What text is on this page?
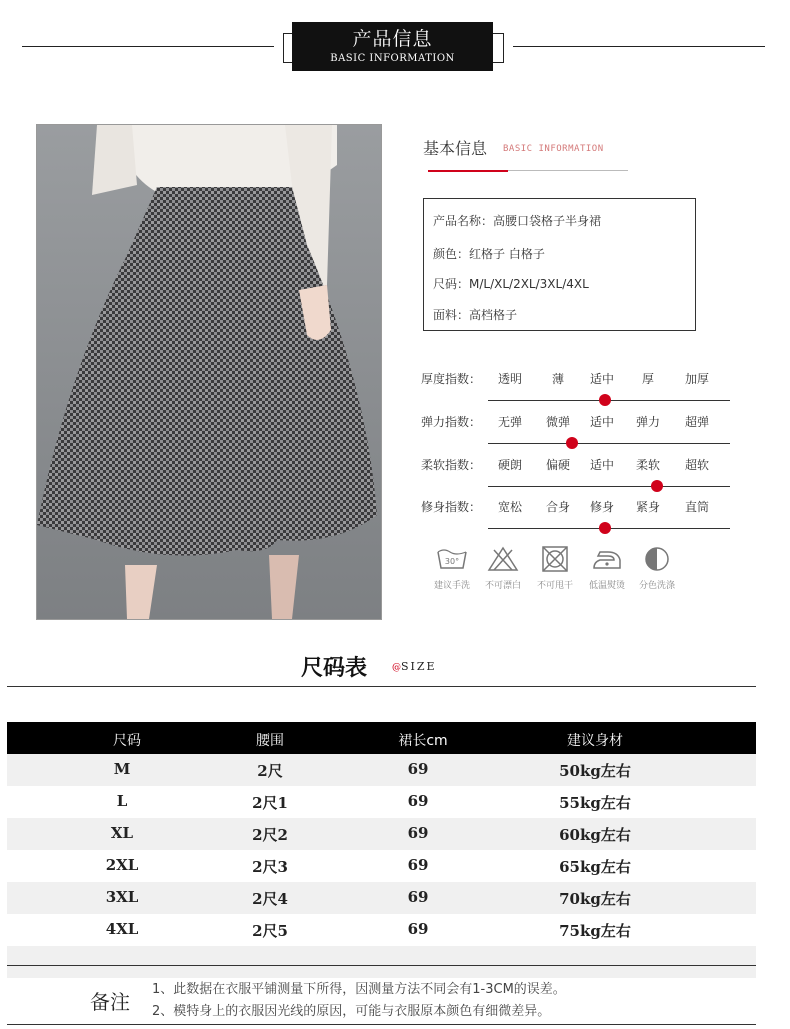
产品信息
BASIC INFORMATION
基本信息 BASIC INFORMATION
产品名称：高腰口袋格子半身裙
颜色：红格子 白格子
尺码：M/L/XL/2XL/3XL/4XL
面料：高档格子
厚度指数：	透明	薄	适中	厚	加厚
弹力指数：	无弹	微弹	适中	弹力	超弹
柔软指数：	硬朗	偏硬	适中	柔软	超软
修身指数：	宽松	合身	修身	紧身	直筒
30°
建议手洗	不可漂白	不可甩干	低温熨烫	分色洗涤
尺码表	@SIZE
尺码	腰围	裙长cm	建议身材
M	2尺	69	50kg左右
L	2尺1	69	55kg左右
XL	2尺2	69	60kg左右
2XL	2尺3	69	65kg左右
3XL	2尺4	69	70kg左右
4XL	2尺5	69	75kg左右
备注
1、此数据在衣服平铺测量下所得，因测量方法不同会有1-3CM的误差。
2、模特身上的衣服因光线的原因，可能与衣服原本颜色有细微差异。
